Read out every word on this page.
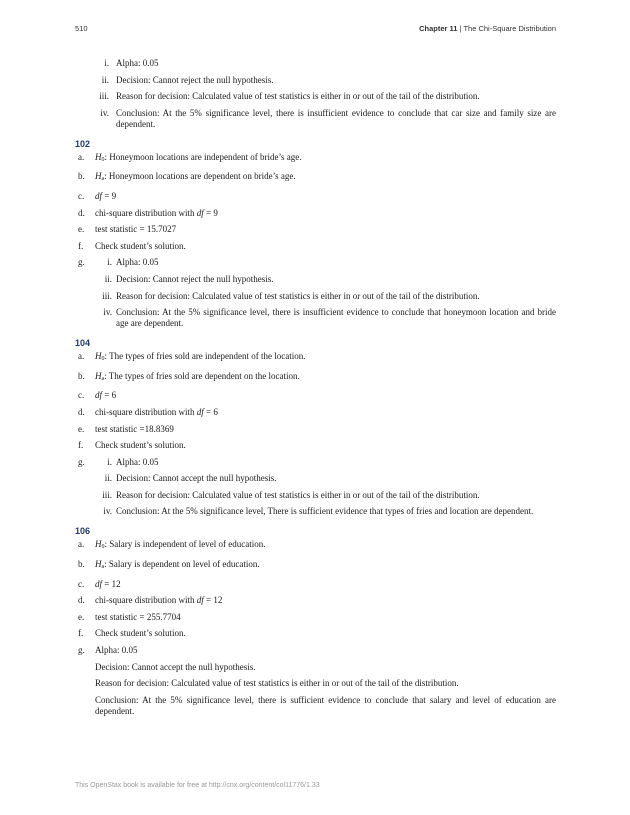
510	Chapter 11 | The Chi-Square Distribution
i. Alpha: 0.05
ii. Decision: Cannot reject the null hypothesis.
iii. Reason for decision: Calculated value of test statistics is either in or out of the tail of the distribution.
iv. Conclusion: At the 5% significance level, there is insufficient evidence to conclude that car size and family size are dependent.
102
a. $H_0$: Honeymoon locations are independent of bride’s age.
b. $H_a$: Honeymoon locations are dependent on bride’s age.
c. df = 9
d. chi-square distribution with df = 9
e. test statistic = 15.7027
f. Check student’s solution.
g.	i. Alpha: 0.05
ii. Decision: Cannot reject the null hypothesis.
iii. Reason for decision: Calculated value of test statistics is either in or out of the tail of the distribution.
iv. Conclusion: At the 5% significance level, there is insufficient evidence to conclude that honeymoon location and bride age are dependent.
104
a. $H_0$: The types of fries sold are independent of the location.
b. $H_a$: The types of fries sold are dependent on the location.
c. df = 6
d. chi-square distribution with df = 6
e. test statistic =18.8369
f. Check student’s solution.
g.	i. Alpha: 0.05
ii. Decision: Cannot accept the null hypothesis.
iii. Reason for decision: Calculated value of test statistics is either in or out of the tail of the distribution.
iv. Conclusion: At the 5% significance level, There is sufficient evidence that types of fries and location are dependent.
106
a. $H_0$: Salary is independent of level of education.
b. $H_a$: Salary is dependent on level of education.
c. df = 12
d. chi-square distribution with df = 12
e. test statistic = 255.7704
f. Check student’s solution.
g. Alpha: 0.05
Decision: Cannot accept the null hypothesis.
Reason for decision: Calculated value of test statistics is either in or out of the tail of the distribution.
Conclusion: At the 5% significance level, there is sufficient evidence to conclude that salary and level of education are dependent.
This OpenStax book is available for free at http://cnx.org/content/col11776/1.33
